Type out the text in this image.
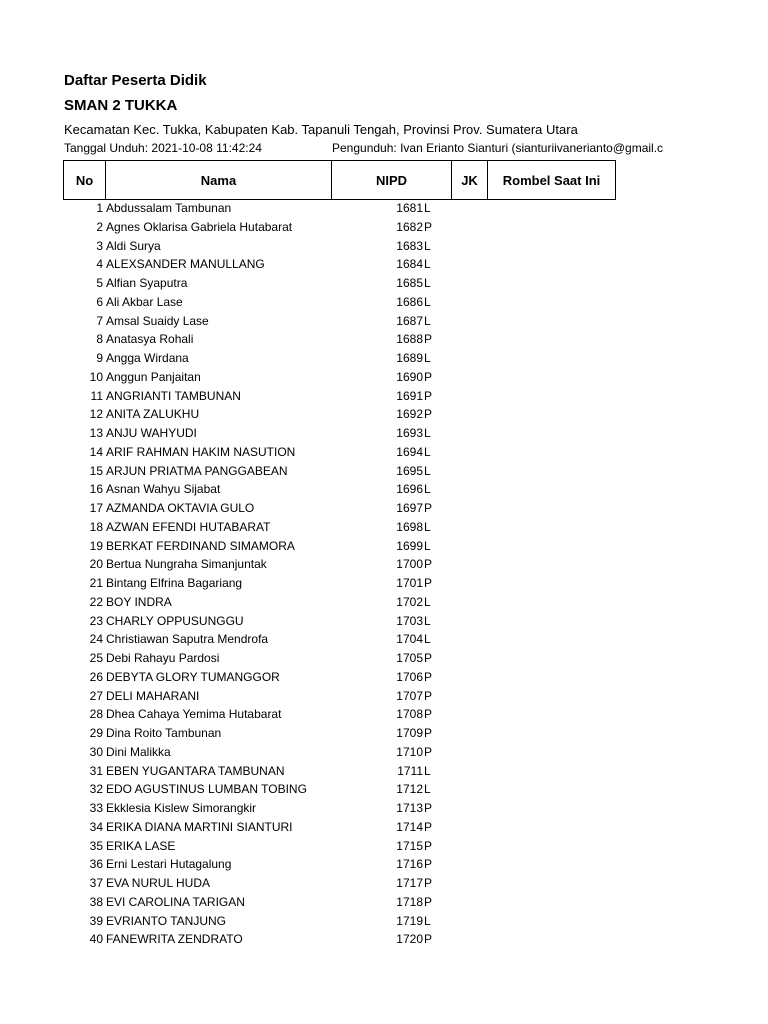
Daftar Peserta Didik
SMAN 2 TUKKA
Kecamatan Kec. Tukka, Kabupaten Kab. Tapanuli Tengah, Provinsi Prov. Sumatera Utara
Tanggal Unduh: 2021-10-08 11:42:24	Pengunduh: Ivan Erianto Sianturi (sianturiivanerianto@gmail.c
No	Nama	NIPD	JK	Rombel Saat Ini
1 Abdussalam Tambunan	1681 L
2 Agnes Oklarisa Gabriela Hutabarat	1682 P
3 Aldi Surya	1683 L
4 ALEXSANDER MANULLANG	1684 L
5 Alfian Syaputra	1685 L
6 Ali Akbar Lase	1686 L
7 Amsal Suaidy Lase	1687 L
8 Anatasya Rohali	1688 P
9 Angga Wirdana	1689 L
10 Anggun Panjaitan	1690 P
11 ANGRIANTI TAMBUNAN	1691 P
12 ANITA ZALUKHU	1692 P
13 ANJU WAHYUDI	1693 L
14 ARIF RAHMAN HAKIM NASUTION	1694 L
15 ARJUN PRIATMA PANGGABEAN	1695 L
16 Asnan Wahyu Sijabat	1696 L
17 AZMANDA OKTAVIA GULO	1697 P
18 AZWAN EFENDI HUTABARAT	1698 L
19 BERKAT FERDINAND SIMAMORA	1699 L
20 Bertua Nungraha Simanjuntak	1700 P
21 Bintang Elfrina Bagariang	1701 P
22 BOY INDRA	1702 L
23 CHARLY OPPUSUNGGU	1703 L
24 Christiawan Saputra Mendrofa	1704 L
25 Debi Rahayu Pardosi	1705 P
26 DEBYTA GLORY TUMANGGOR	1706 P
27 DELI MAHARANI	1707 P
28 Dhea Cahaya Yemima Hutabarat	1708 P
29 Dina Roito Tambunan	1709 P
30 Dini Malikka	1710 P
31 EBEN YUGANTARA TAMBUNAN	1711 L
32 EDO AGUSTINUS LUMBAN TOBING	1712 L
33 Ekklesia Kislew Simorangkir	1713 P
34 ERIKA DIANA MARTINI SIANTURI	1714 P
35 ERIKA LASE	1715 P
36 Erni Lestari Hutagalung	1716 P
37 EVA NURUL HUDA	1717 P
38 EVI CAROLINA TARIGAN	1718 P
39 EVRIANTO TANJUNG	1719 L
40 FANEWRITA ZENDRATO	1720 P
